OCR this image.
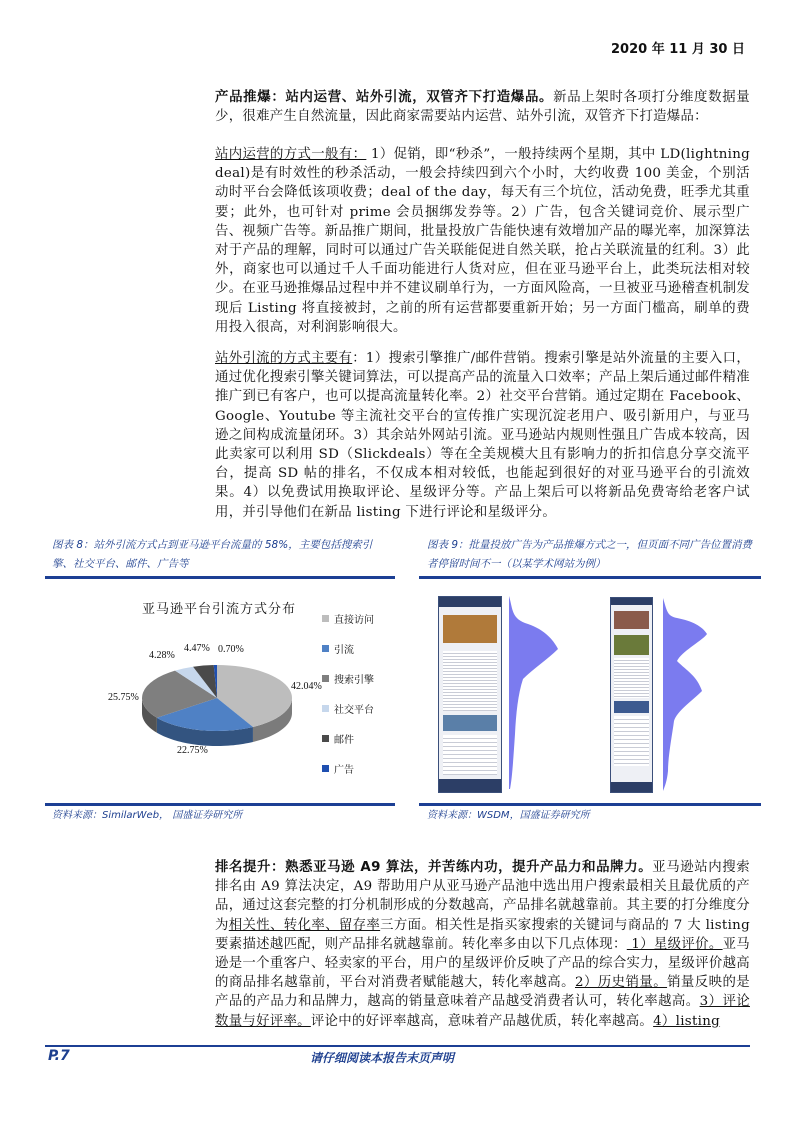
2020 年 11 月 30 日
产品推爆：站内运营、站外引流，双管齐下打造爆品。新品上架时各项打分维度数据量少，很难产生自然流量，因此商家需要站内运营、站外引流，双管齐下打造爆品：
站内运营的方式一般有： 1）促销，即“秒杀”，一般持续两个星期，其中 LD(lightning deal)是有时效性的秒杀活动，一般会持续四到六个小时，大约收费 100 美金，个别活动时平台会降低该项收费；deal of the day，每天有三个坑位，活动免费，旺季尤其重要；此外，也可针对 prime 会员捆绑发券等。2）广告，包含关键词竞价、展示型广告、视频广告等。新品推广期间，批量投放广告能快速有效增加产品的曝光率，加深算法对于产品的理解，同时可以通过广告关联能促进自然关联，抢占关联流量的红利。3）此外，商家也可以通过千人千面功能进行人货对应，但在亚马逊平台上，此类玩法相对较少。在亚马逊推爆品过程中并不建议刷单行为，一方面风险高，一旦被亚马逊稽查机制发现后 Listing 将直接被封，之前的所有运营都要重新开始；另一方面门槛高，刷单的费用投入很高，对利润影响很大。
站外引流的方式主要有：1）搜索引擎推广/邮件营销。搜索引擎是站外流量的主要入口，通过优化搜索引擎关键词算法，可以提高产品的流量入口效率；产品上架后通过邮件精准推广到已有客户，也可以提高流量转化率。2）社交平台营销。通过定期在 Facebook、Google、Youtube 等主流社交平台的宣传推广实现沉淀老用户、吸引新用户，与亚马逊之间构成流量闭环。3）其余站外网站引流。亚马逊站内规则性强且广告成本较高，因此卖家可以利用 SD（Slickdeals）等在全美规模大且有影响力的折扣信息分享交流平台，提高 SD 帖的排名，不仅成本相对较低，也能起到很好的对亚马逊平台的引流效果。4）以免费试用换取评论、星级评分等。产品上架后可以将新品免费寄给老客户试用，并引导他们在新品 listing 下进行评论和星级评分。
图表 8：站外引流方式占到亚马逊平台流量的 58%，主要包括搜索引擎、社交平台、邮件、广告等
亚马逊平台引流方式分布
42.04%
22.75%
25.75%
4.28%
4.47% 0.70%
直接访问
引流
搜索引擎
社交平台
邮件
广告
资料来源：SimilarWeb， 国盛证券研究所
图表 9：批量投放广告为产品推爆方式之一，但页面不同广告位置消费者停留时间不一（以某学术网站为例）
资料来源：WSDM，国盛证券研究所
排名提升：熟悉亚马逊 A9 算法，并苦练内功，提升产品力和品牌力。亚马逊站内搜索排名由 A9 算法决定，A9 帮助用户从亚马逊产品池中选出用户搜索最相关且最优质的产品，通过这套完整的打分机制形成的分数越高，产品排名就越靠前。其主要的打分维度分为相关性、转化率、留存率三方面。相关性是指买家搜索的关键词与商品的 7 大 listing 要素描述越匹配，则产品排名就越靠前。转化率多由以下几点体现： 1）星级评价。亚马逊是一个重客户、轻卖家的平台，用户的星级评价反映了产品的综合实力，星级评价越高的商品排名越靠前，平台对消费者赋能越大，转化率越高。2）历史销量。销量反映的是产品的产品力和品牌力，越高的销量意味着产品越受消费者认可，转化率越高。3）评论数量与好评率。评论中的好评率越高，意味着产品越优质，转化率越高。4）listing
P.7	请仔细阅读本报告末页声明
